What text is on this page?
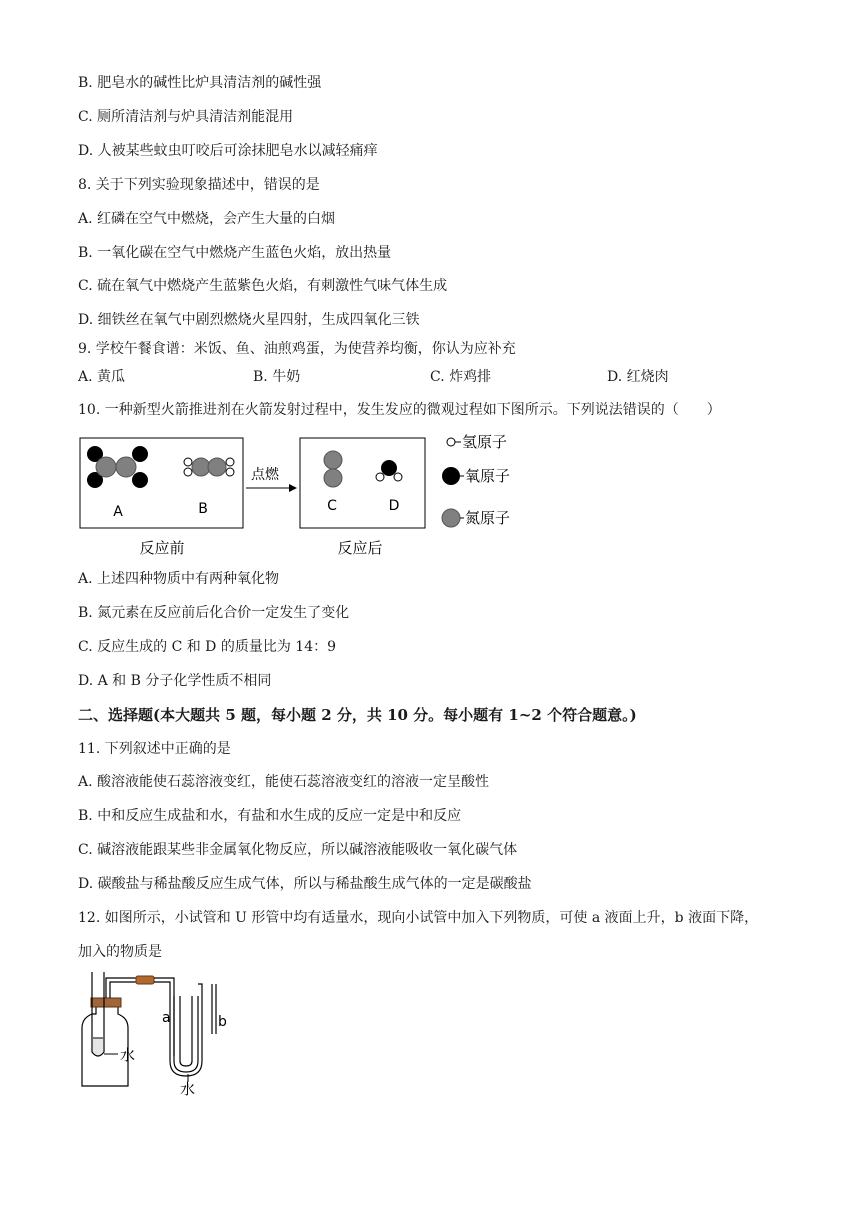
B. 肥皂水的碱性比炉具清洁剂的碱性强
C. 厕所清洁剂与炉具清洁剂能混用
D. 人被某些蚊虫叮咬后可涂抹肥皂水以减轻痛痒
8. 关于下列实验现象描述中，错误的是
A. 红磷在空气中燃烧，会产生大量的白烟
B. 一氧化碳在空气中燃烧产生蓝色火焰，放出热量
C. 硫在氧气中燃烧产生蓝紫色火焰，有刺激性气味气体生成
D. 细铁丝在氧气中剧烈燃烧火星四射，生成四氧化三铁
9. 学校午餐食谱：米饭、鱼、油煎鸡蛋，为使营养均衡，你认为应补充
A. 黄瓜	B. 牛奶	C. 炸鸡排	D. 红烧肉
10. 一种新型火箭推进剂在火箭发射过程中，发生发应的微观过程如下图所示。下列说法错误的（　　）
A	B
点燃
C	D
反应前	反应后
氢原子
氧原子
氮原子
A. 上述四种物质中有两种氧化物
B. 氮元素在反应前后化合价一定发生了变化
C. 反应生成的 C 和 D 的质量比为 14：9
D. A 和 B 分子化学性质不相同
二、选择题(本大题共 5 题，每小题 2 分，共 10 分。每小题有 1~2 个符合题意。)
11. 下列叙述中正确的是
A. 酸溶液能使石蕊溶液变红，能使石蕊溶液变红的溶液一定呈酸性
B. 中和反应生成盐和水，有盐和水生成的反应一定是中和反应
C. 碱溶液能跟某些非金属氧化物反应，所以碱溶液能吸收一氧化碳气体
D. 碳酸盐与稀盐酸反应生成气体，所以与稀盐酸生成气体的一定是碳酸盐
12. 如图所示，小试管和 U 形管中均有适量水，现向小试管中加入下列物质，可使 a 液面上升，b 液面下降，
加入的物质是
水
a	b
水
